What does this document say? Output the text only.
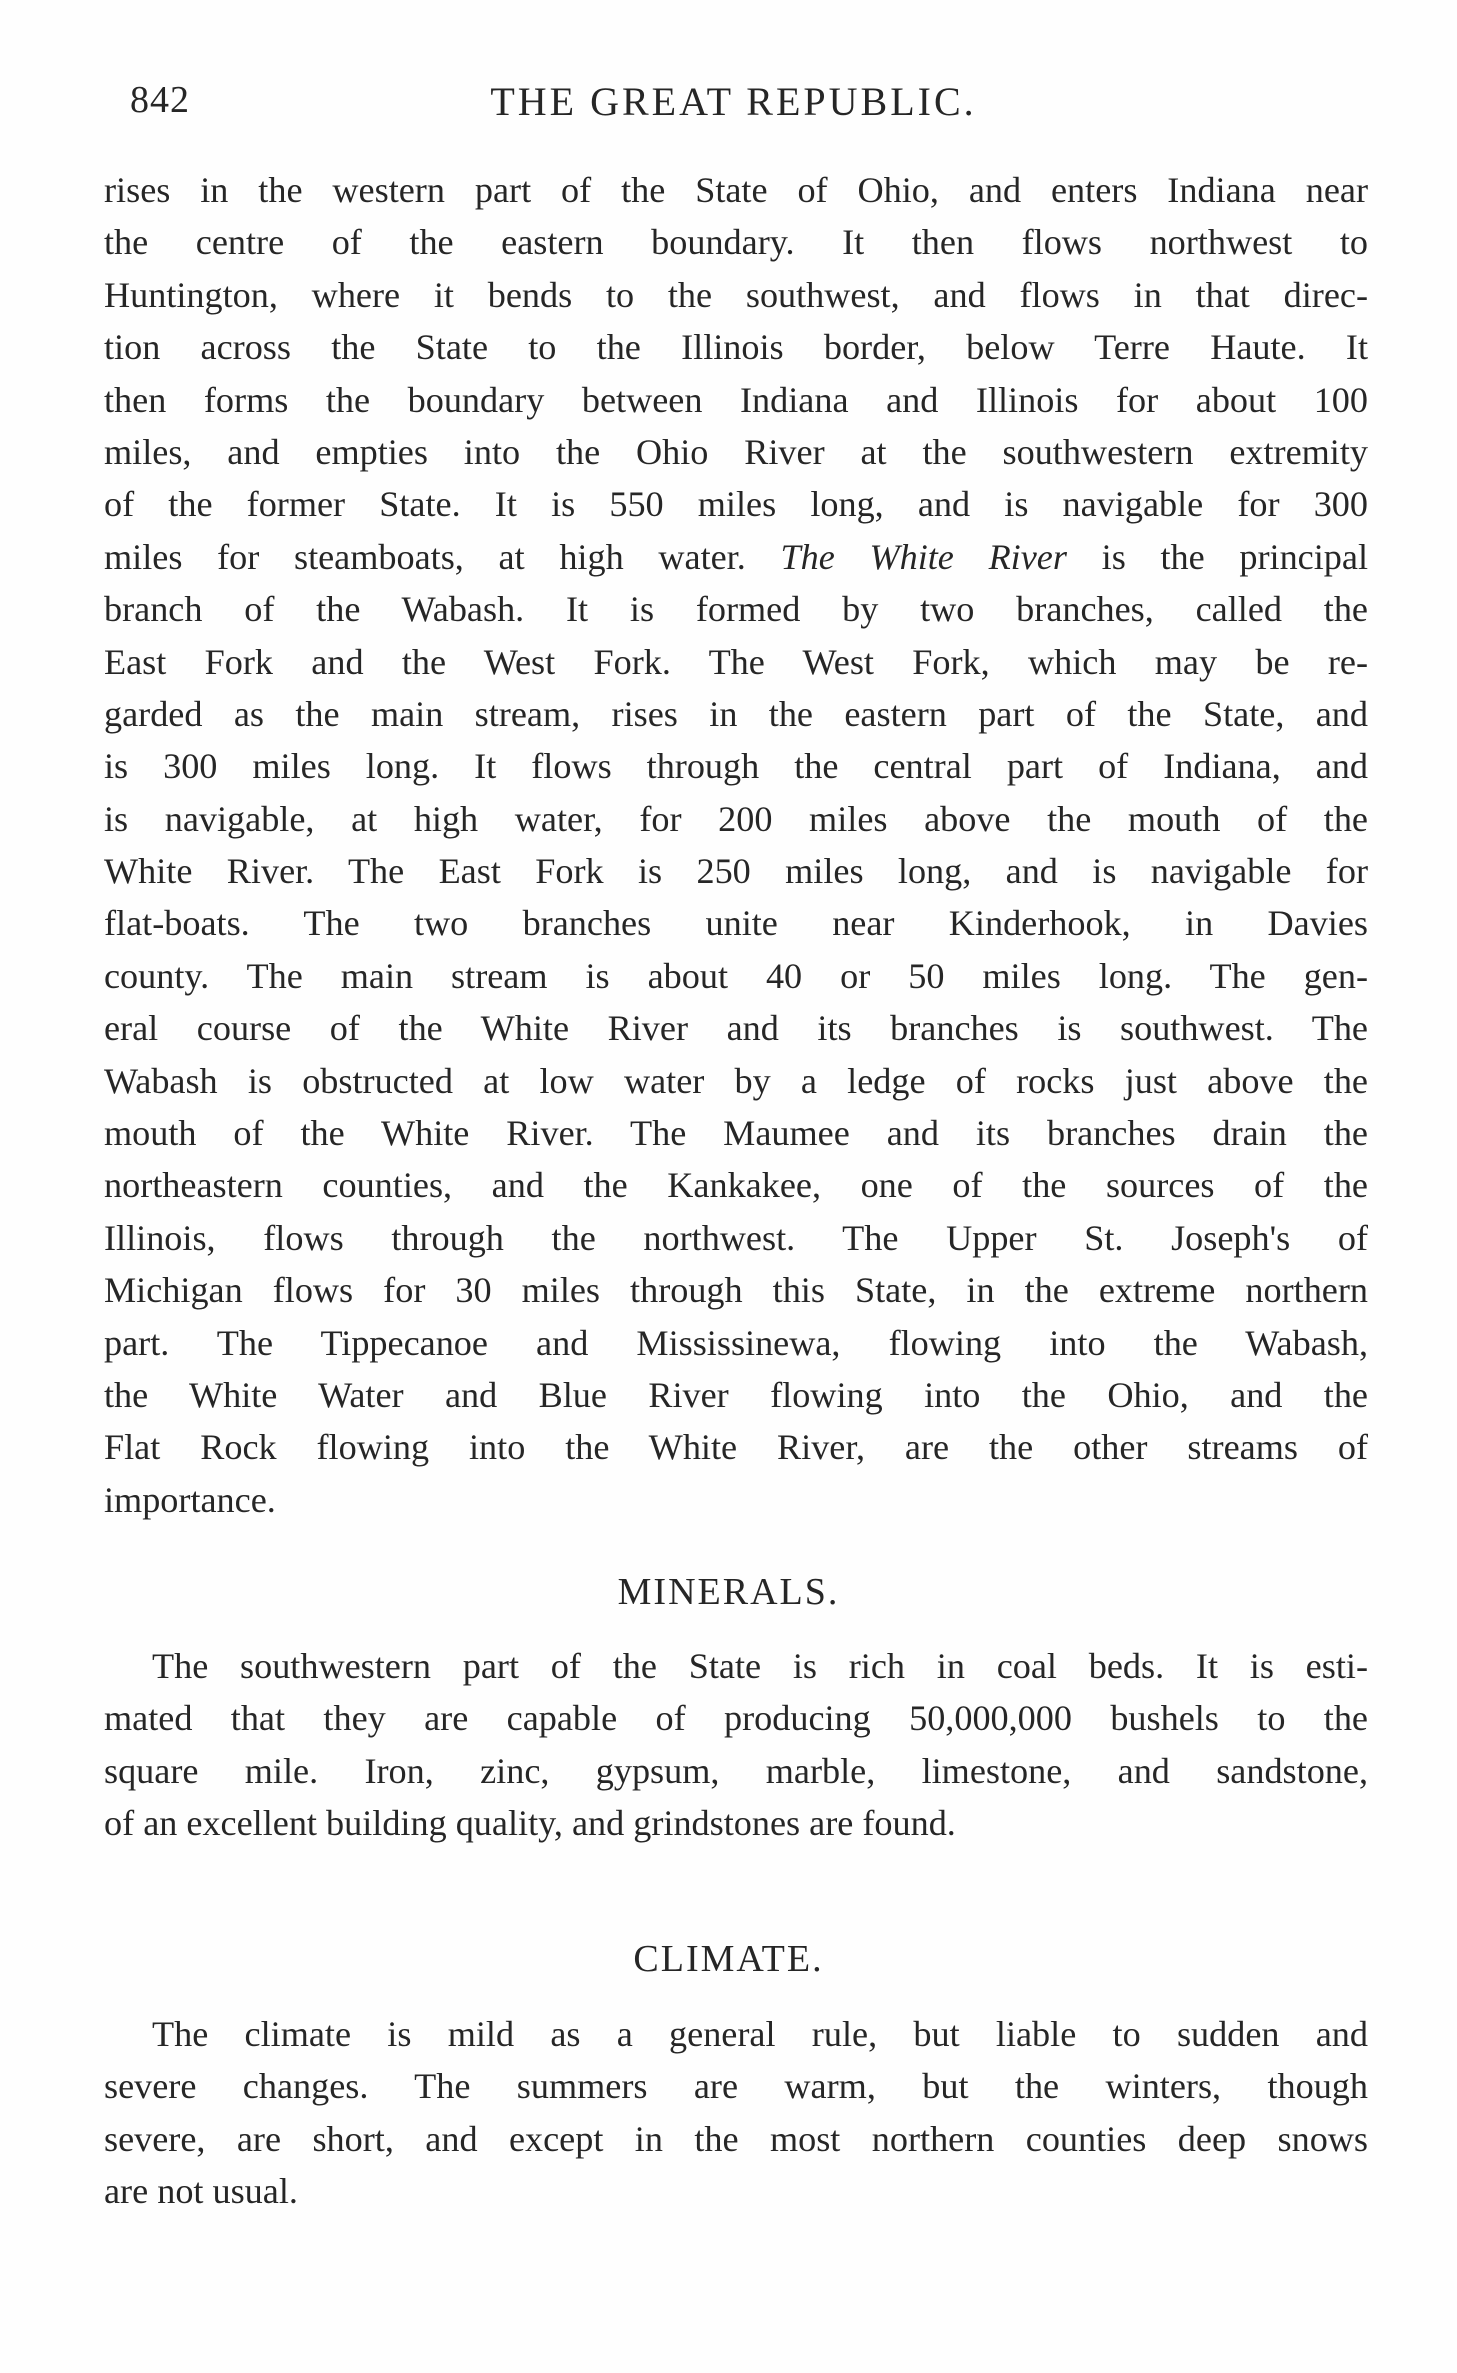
842	THE GREAT REPUBLIC.
rises in the western part of the State of Ohio, and enters Indiana near
the centre of the eastern boundary. It then flows northwest to
Huntington, where it bends to the southwest, and flows in that direc-
tion across the State to the Illinois border, below Terre Haute. It
then forms the boundary between Indiana and Illinois for about 100
miles, and empties into the Ohio River at the southwestern extremity
of the former State. It is 550 miles long, and is navigable for 300
miles for steamboats, at high water. The White River is the principal
branch of the Wabash. It is formed by two branches, called the
East Fork and the West Fork. The West Fork, which may be re-
garded as the main stream, rises in the eastern part of the State, and
is 300 miles long. It flows through the central part of Indiana, and
is navigable, at high water, for 200 miles above the mouth of the
White River. The East Fork is 250 miles long, and is navigable for
flat-boats. The two branches unite near Kinderhook, in Davies
county. The main stream is about 40 or 50 miles long. The gen-
eral course of the White River and its branches is southwest. The
Wabash is obstructed at low water by a ledge of rocks just above the
mouth of the White River. The Maumee and its branches drain the
northeastern counties, and the Kankakee, one of the sources of the
Illinois, flows through the northwest. The Upper St. Joseph's of
Michigan flows for 30 miles through this State, in the extreme northern
part. The Tippecanoe and Mississinewa, flowing into the Wabash,
the White Water and Blue River flowing into the Ohio, and the
Flat Rock flowing into the White River, are the other streams of
importance.
MINERALS.
The southwestern part of the State is rich in coal beds. It is esti-
mated that they are capable of producing 50,000,000 bushels to the
square mile. Iron, zinc, gypsum, marble, limestone, and sandstone,
of an excellent building quality, and grindstones are found.
CLIMATE.
The climate is mild as a general rule, but liable to sudden and
severe changes. The summers are warm, but the winters, though
severe, are short, and except in the most northern counties deep snows
are not usual.
